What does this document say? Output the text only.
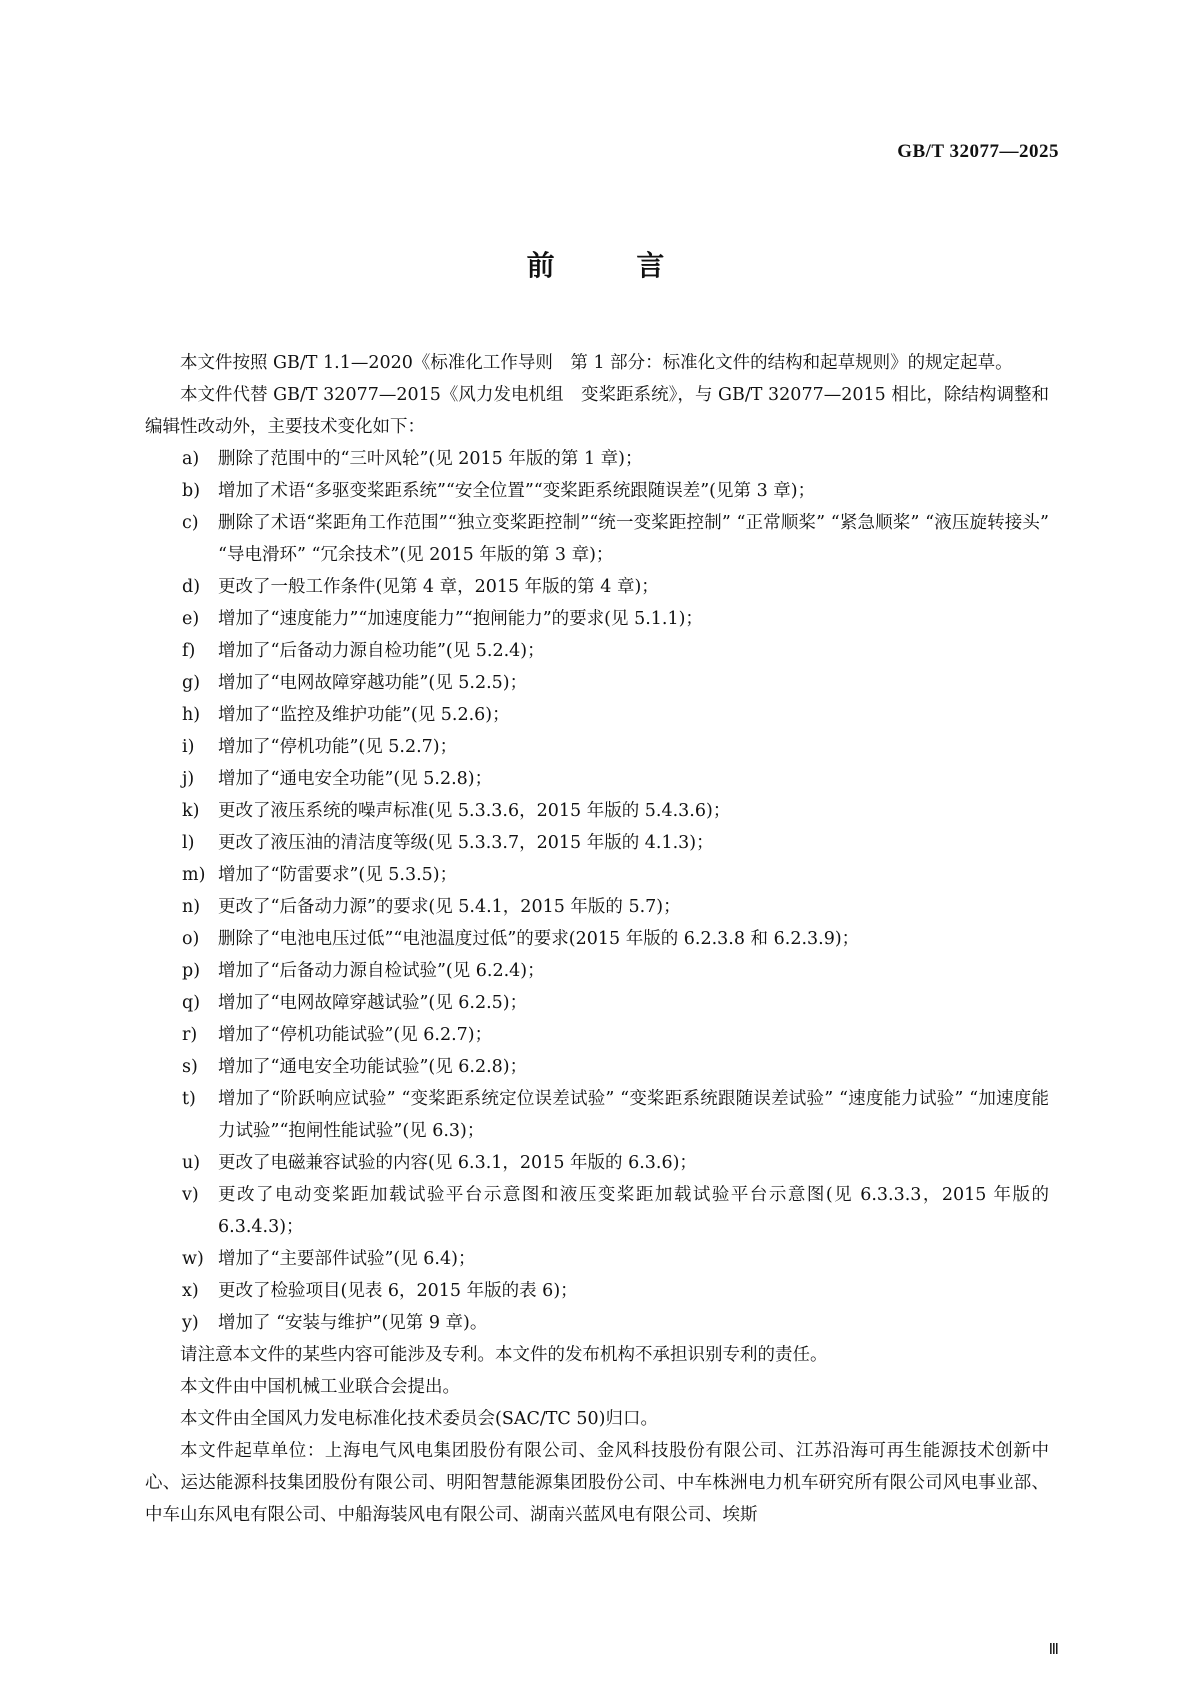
GB/T 32077—2025
前 言

本文件按照 GB/T 1.1—2020《标准化工作导则　第 1 部分：标准化文件的结构和起草规则》的规定起草。

本文件代替 GB/T 32077—2015《风力发电机组　变桨距系统》，与 GB/T 32077—2015 相比，除结构调整和编辑性改动外，主要技术变化如下：

a) 删除了范围中的“三叶风轮”(见 2015 年版的第 1 章)；

b) 增加了术语“多驱变桨距系统”“安全位置”“变桨距系统跟随误差”(见第 3 章)；

c) 删除了术语“桨距角工作范围”“独立变桨距控制”“统一变桨距控制” “正常顺桨” “紧急顺桨” “液压旋转接头” “导电滑环” “冗余技术”(见 2015 年版的第 3 章)；

d) 更改了一般工作条件(见第 4 章，2015 年版的第 4 章)；

e) 增加了“速度能力”“加速度能力”“抱闸能力”的要求(见 5.1.1)；

f) 增加了“后备动力源自检功能”(见 5.2.4)；

g) 增加了“电网故障穿越功能”(见 5.2.5)；

h) 增加了“监控及维护功能”(见 5.2.6)；

i) 增加了“停机功能”(见 5.2.7)；

j) 增加了“通电安全功能”(见 5.2.8)；

k) 更改了液压系统的噪声标准(见 5.3.3.6，2015 年版的 5.4.3.6)；

l) 更改了液压油的清洁度等级(见 5.3.3.7，2015 年版的 4.1.3)；

m) 增加了“防雷要求”(见 5.3.5)；

n) 更改了“后备动力源”的要求(见 5.4.1，2015 年版的 5.7)；

o) 删除了“电池电压过低”“电池温度过低”的要求(2015 年版的 6.2.3.8 和 6.2.3.9)；

p) 增加了“后备动力源自检试验”(见 6.2.4)；

q) 增加了“电网故障穿越试验”(见 6.2.5)；

r) 增加了“停机功能试验”(见 6.2.7)；

s) 增加了“通电安全功能试验”(见 6.2.8)；

t) 增加了“阶跃响应试验” “变桨距系统定位误差试验” “变桨距系统跟随误差试验” “速度能力试验” “加速度能力试验”“抱闸性能试验”(见 6.3)；

u) 更改了电磁兼容试验的内容(见 6.3.1，2015 年版的 6.3.6)；

v) 更改了电动变桨距加载试验平台示意图和液压变桨距加载试验平台示意图(见 6.3.3.3，2015 年版的 6.3.4.3)；

w) 增加了“主要部件试验”(见 6.4)；

x) 更改了检验项目(见表 6，2015 年版的表 6)；

y) 增加了 “安装与维护”(见第 9 章)。

请注意本文件的某些内容可能涉及专利。本文件的发布机构不承担识别专利的责任。

本文件由中国机械工业联合会提出。

本文件由全国风力发电标准化技术委员会(SAC/TC 50)归口。

本文件起草单位：上海电气风电集团股份有限公司、金风科技股份有限公司、江苏沿海可再生能源技术创新中心、运达能源科技集团股份有限公司、明阳智慧能源集团股份公司、中车株洲电力机车研究所有限公司风电事业部、中车山东风电有限公司、中船海装风电有限公司、湖南兴蓝风电有限公司、埃斯

Ⅲ
